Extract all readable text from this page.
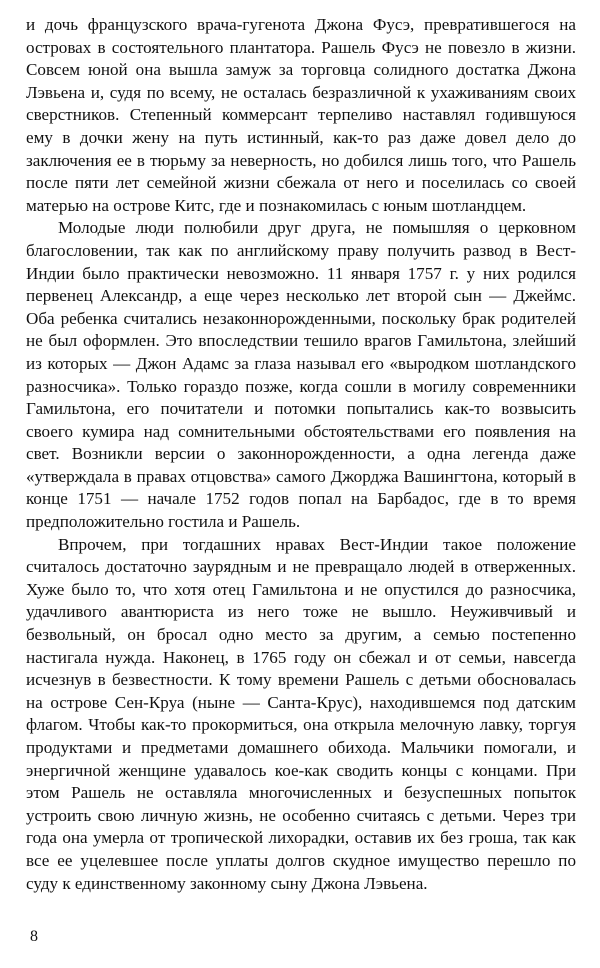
и дочь французского врача-гугенота Джона Фусэ, превратившегося на островах в состоятельного плантатора. Рашель Фусэ не повезло в жизни. Совсем юной она вышла замуж за торговца солидного достатка Джона Лэвьена и, судя по всему, не осталась безразличной к ухаживаниям своих сверстников. Степенный коммерсант терпеливо наставлял годившуюся ему в дочки жену на путь истинный, как-то раз даже довел дело до заключения ее в тюрьму за неверность, но добился лишь того, что Рашель после пяти лет семейной жизни сбежала от него и поселилась со своей матерью на острове Китс, где и познакомилась с юным шотландцем.

Молодые люди полюбили друг друга, не помышляя о церковном благословении, так как по английскому праву получить развод в Вест-Индии было практически невозможно. 11 января 1757 г. у них родился первенец Александр, а еще через несколько лет второй сын — Джеймс. Оба ребенка считались незаконнорожденными, поскольку брак родителей не был оформлен. Это впоследствии тешило врагов Гамильтона, злейший из которых — Джон Адамс за глаза называл его «выродком шотландского разносчика». Только гораздо позже, когда сошли в могилу современники Гамильтона, его почитатели и потомки попытались как-то возвысить своего кумира над сомнительными обстоятельствами его появления на свет. Возникли версии о законнорожденности, а одна легенда даже «утверждала в правах отцовства» самого Джорджа Вашингтона, который в конце 1751 — начале 1752 годов попал на Барбадос, где в то время предположительно гостила и Рашель.

Впрочем, при тогдашних нравах Вест-Индии такое положение считалось достаточно заурядным и не превращало людей в отверженных. Хуже было то, что хотя отец Гамильтона и не опустился до разносчика, удачливого авантюриста из него тоже не вышло. Неуживчивый и безвольный, он бросал одно место за другим, а семью постепенно настигала нужда. Наконец, в 1765 году он сбежал и от семьи, навсегда исчезнув в безвестности. К тому времени Рашель с детьми обосновалась на острове Сен-Круа (ныне — Санта-Крус), находившемся под датским флагом. Чтобы как-то прокормиться, она открыла мелочную лавку, торгуя продуктами и предметами домашнего обихода. Мальчики помогали, и энергичной женщине удавалось кое-как сводить концы с концами. При этом Рашель не оставляла многочисленных и безуспешных попыток устроить свою личную жизнь, не особенно считаясь с детьми. Через три года она умерла от тропической лихорадки, оставив их без гроша, так как все ее уцелевшее после уплаты долгов скудное имущество перешло по суду к единственному законному сыну Джона Лэвьена.

8
